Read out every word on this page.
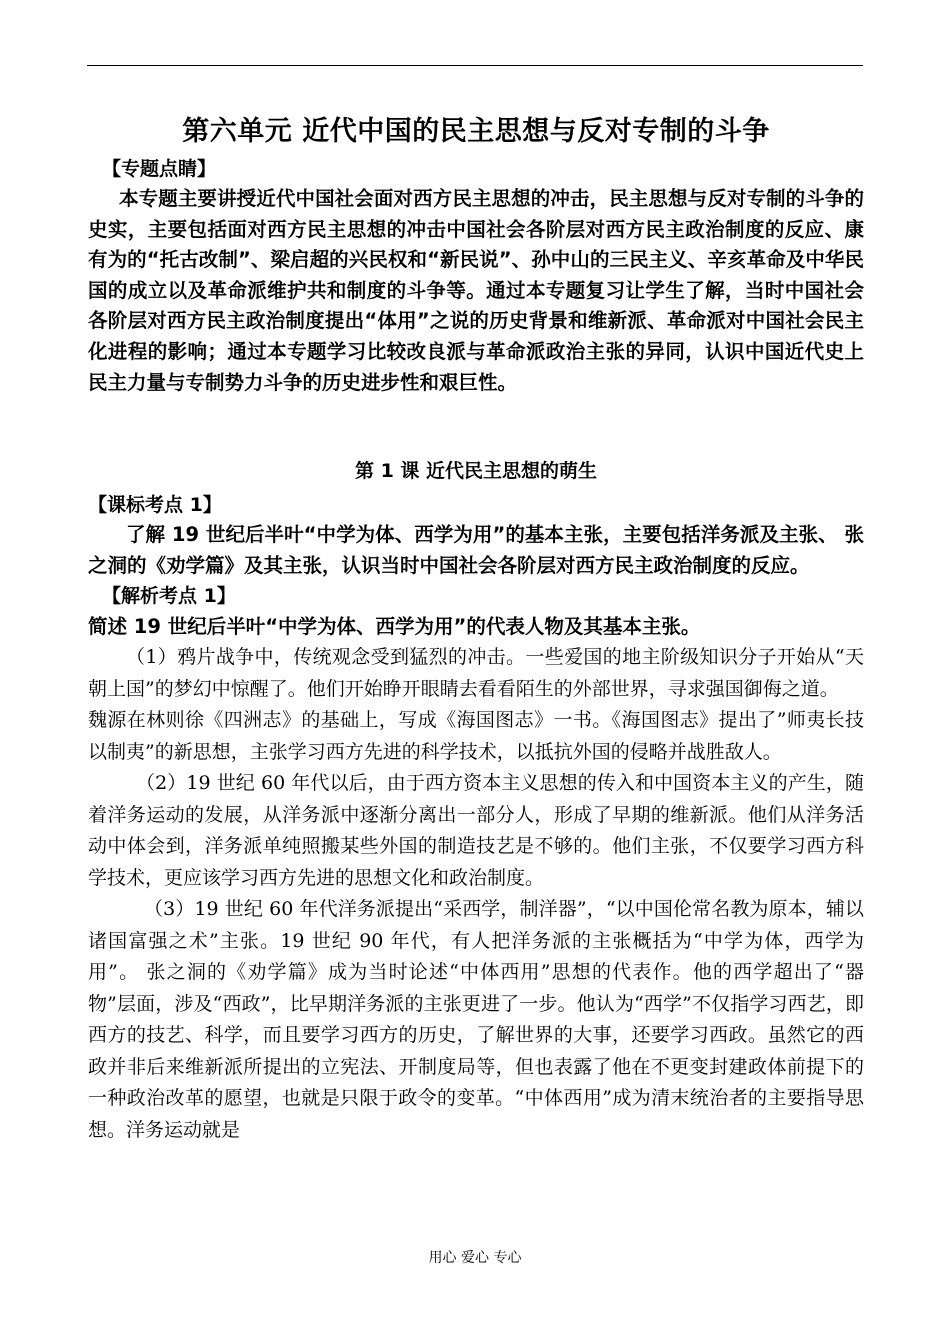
第六单元 近代中国的民主思想与反对专制的斗争

【专题点睛】

本专题主要讲授近代中国社会面对西方民主思想的冲击，民主思想与反对专制的斗争的史实，主要包括面对西方民主思想的冲击中国社会各阶层对西方民主政治制度的反应、康有为的“托古改制”、梁启超的兴民权和“新民说”、孙中山的三民主义、辛亥革命及中华民国的成立以及革命派维护共和制度的斗争等。通过本专题复习让学生了解，当时中国社会各阶层对西方民主政治制度提出“体用”之说的历史背景和维新派、革命派对中国社会民主化进程的影响；通过本专题学习比较改良派与革命派政治主张的异同，认识中国近代史上民主力量与专制势力斗争的历史进步性和艰巨性。

第 1 课 近代民主思想的萌生

【课标考点 1】

了解 19 世纪后半叶“中学为体、西学为用”的基本主张，主要包括洋务派及主张、 张之洞的《劝学篇》及其主张，认识当时中国社会各阶层对西方民主政治制度的反应。

【解析考点 1】

简述 19 世纪后半叶“中学为体、西学为用”的代表人物及其基本主张。

（1）鸦片战争中，传统观念受到猛烈的冲击。一些爱国的地主阶级知识分子开始从“天朝上国”的梦幻中惊醒了。他们开始睁开眼睛去看看陌生的外部世界，寻求强国御侮之道。

魏源在林则徐《四洲志》的基础上，写成《海国图志》一书。《海国图志》提出了”师夷长技以制夷”的新思想，主张学习西方先进的科学技术，以抵抗外国的侵略并战胜敌人。

（2）19 世纪 60 年代以后，由于西方资本主义思想的传入和中国资本主义的产生，随着洋务运动的发展，从洋务派中逐渐分离出一部分人，形成了早期的维新派。他们从洋务活动中体会到，洋务派单纯照搬某些外国的制造技艺是不够的。他们主张，不仅要学习西方科学技术，更应该学习西方先进的思想文化和政治制度。

（3）19 世纪 60 年代洋务派提出“采西学，制洋器”，“以中国伦常名教为原本，辅以诸国富强之术”主张。19 世纪 90 年代，有人把洋务派的主张概括为“中学为体，西学为用”。 张之洞的《劝学篇》成为当时论述“中体西用”思想的代表作。他的西学超出了“器物”层面，涉及“西政”，比早期洋务派的主张更进了一步。他认为“西学”不仅指学习西艺，即西方的技艺、科学，而且要学习西方的历史，了解世界的大事，还要学习西政。虽然它的西政并非后来维新派所提出的立宪法、开制度局等，但也表露了他在不更变封建政体前提下的一种政治改革的愿望，也就是只限于政令的变革。“中体西用”成为清末统治者的主要指导思想。洋务运动就是

用心 爱心 专心
